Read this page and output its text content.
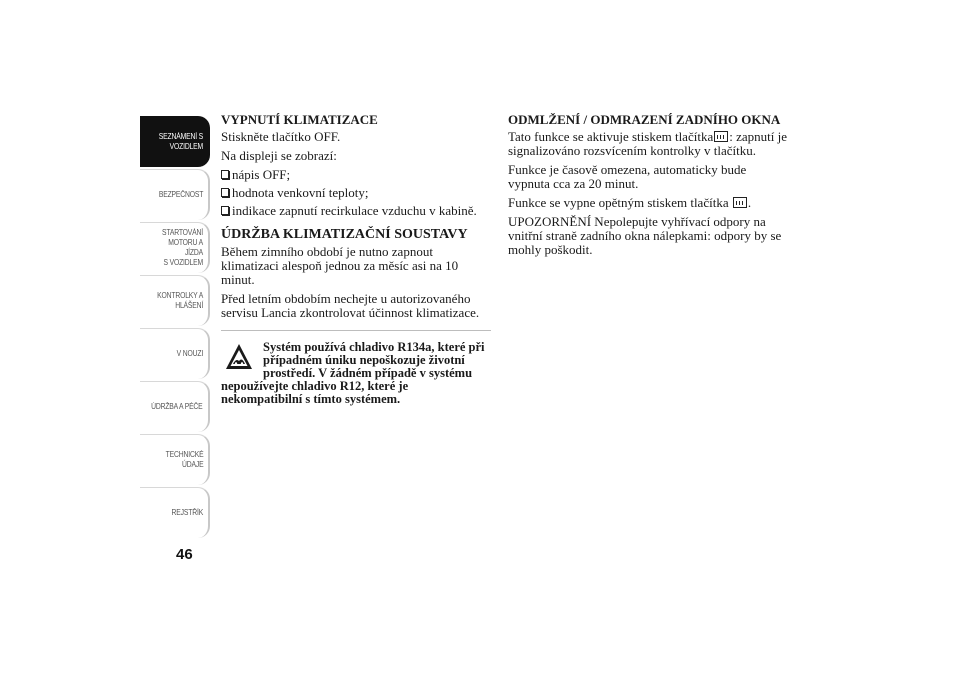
SEZNÁMENÍ S
VOZIDLEM
BEZPEČNOST
STARTOVÁNÍ
MOTORU A JÍZDA
S VOZIDLEM
KONTROLKY A
HLÁŠENÍ
V NOUZI
ÚDRŽBA A PÉČE
TECHNICKÉ
ÚDAJE
REJSTŘÍK
46
VYPNUTÍ KLIMATIZACE

Stiskněte tlačítko OFF.

Na displeji se zobrazí:

nápis OFF;
hodnota venkovní teploty;
indikace zapnutí recirkulace vzduchu v kabině.
ÚDRŽBA KLIMATIZAČNÍ SOUSTAVY

Během zimního období je nutno zapnout klimatizaci alespoň jednou za měsíc asi na 10 minut.

Před letním obdobím nechejte u autorizovaného servisu Lancia zkontrolovat účinnost klimatizace.

Systém používá chladivo R134a, které při případném úniku nepoškozuje životní prostředí. V žádném případě v systému nepoužívejte chladivo R12, které je nekompatibilní s tímto systémem.
ODMLŽENÍ / ODMRAZENÍ ZADNÍHO OKNA

Tato funkce se aktivuje stiskem tlačítka : zapnutí je signalizováno rozsvícením kontrolky v tlačítku.

Funkce je časově omezena, automaticky bude vypnuta cca za 20 minut.

Funkce se vypne opětným stiskem tlačítka .

UPOZORNĚNÍ Nepolepujte vyhřívací odpory na vnitřní straně zadního okna nálepkami: odpory by se mohly poškodit.
